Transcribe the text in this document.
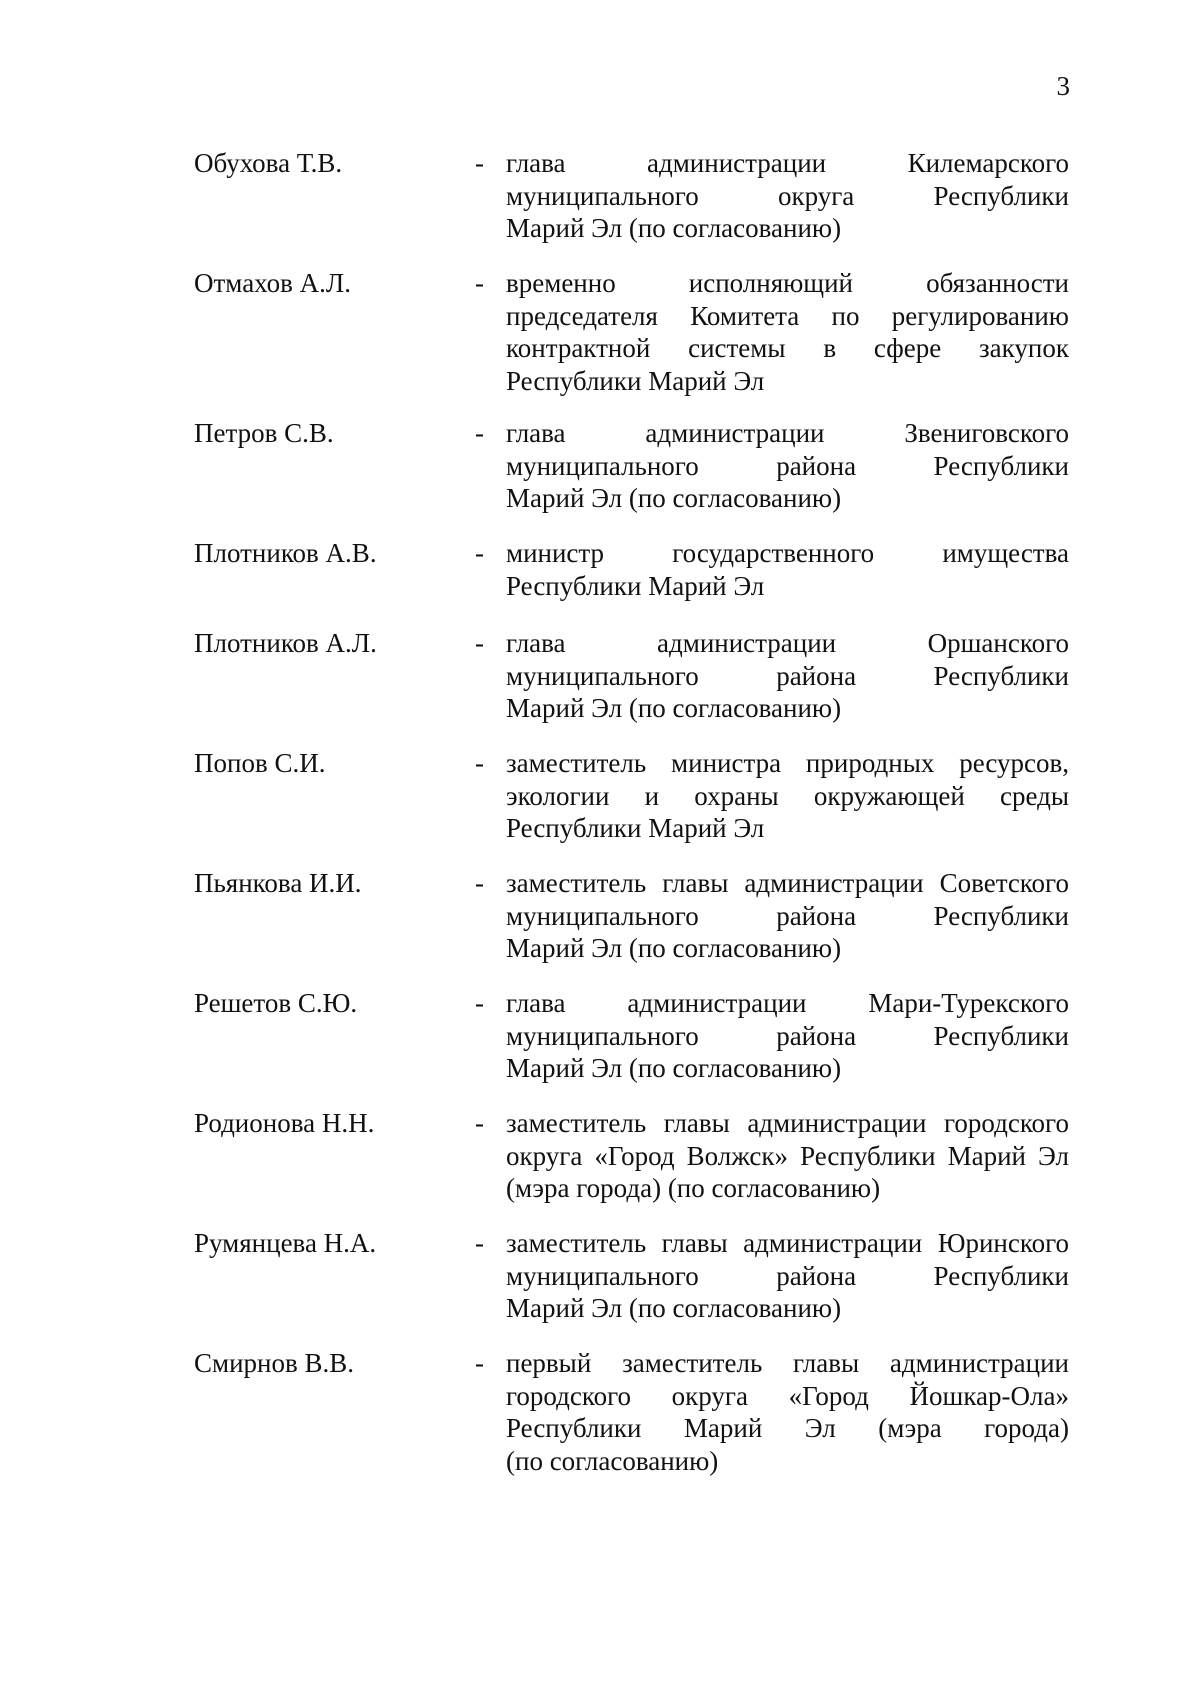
3
Обухова Т.В.	- глава	администрации	Килемарского
муниципального	округа	Республики
Марий Эл (по согласованию)
Отмахов А.Л.	- временно	исполняющий	обязанности
председателя Комитета по регулированию
контрактной системы в сфере закупок
Республики Марий Эл
Петров С.В.	- глава	администрации	Звениговского
муниципального	района	Республики
Марий Эл (по согласованию)
Плотников А.В.	- министр	государственного	имущества
Республики Марий Эл
Плотников А.Л.	- глава	администрации	Оршанского
муниципального	района	Республики
Марий Эл (по согласованию)
Попов С.И.	- заместитель министра природных ресурсов,
экологии и охраны окружающей среды
Республики Марий Эл
Пьянкова И.И.	- заместитель главы администрации Советского
муниципального	района	Республики
Марий Эл (по согласованию)
Решетов С.Ю.	- глава администрации Мари-Турекского
муниципального	района	Республики
Марий Эл (по согласованию)
Родионова Н.Н.	- заместитель главы администрации городского
округа «Город Волжск» Республики Марий Эл
(мэра города) (по согласованию)
Румянцева Н.А.	- заместитель главы администрации Юринского
муниципального	района	Республики
Марий Эл (по согласованию)
Смирнов В.В.	- первый заместитель главы администрации
городского округа «Город Йошкар-Ола»
Республики Марий Эл (мэра города)
(по согласованию)
